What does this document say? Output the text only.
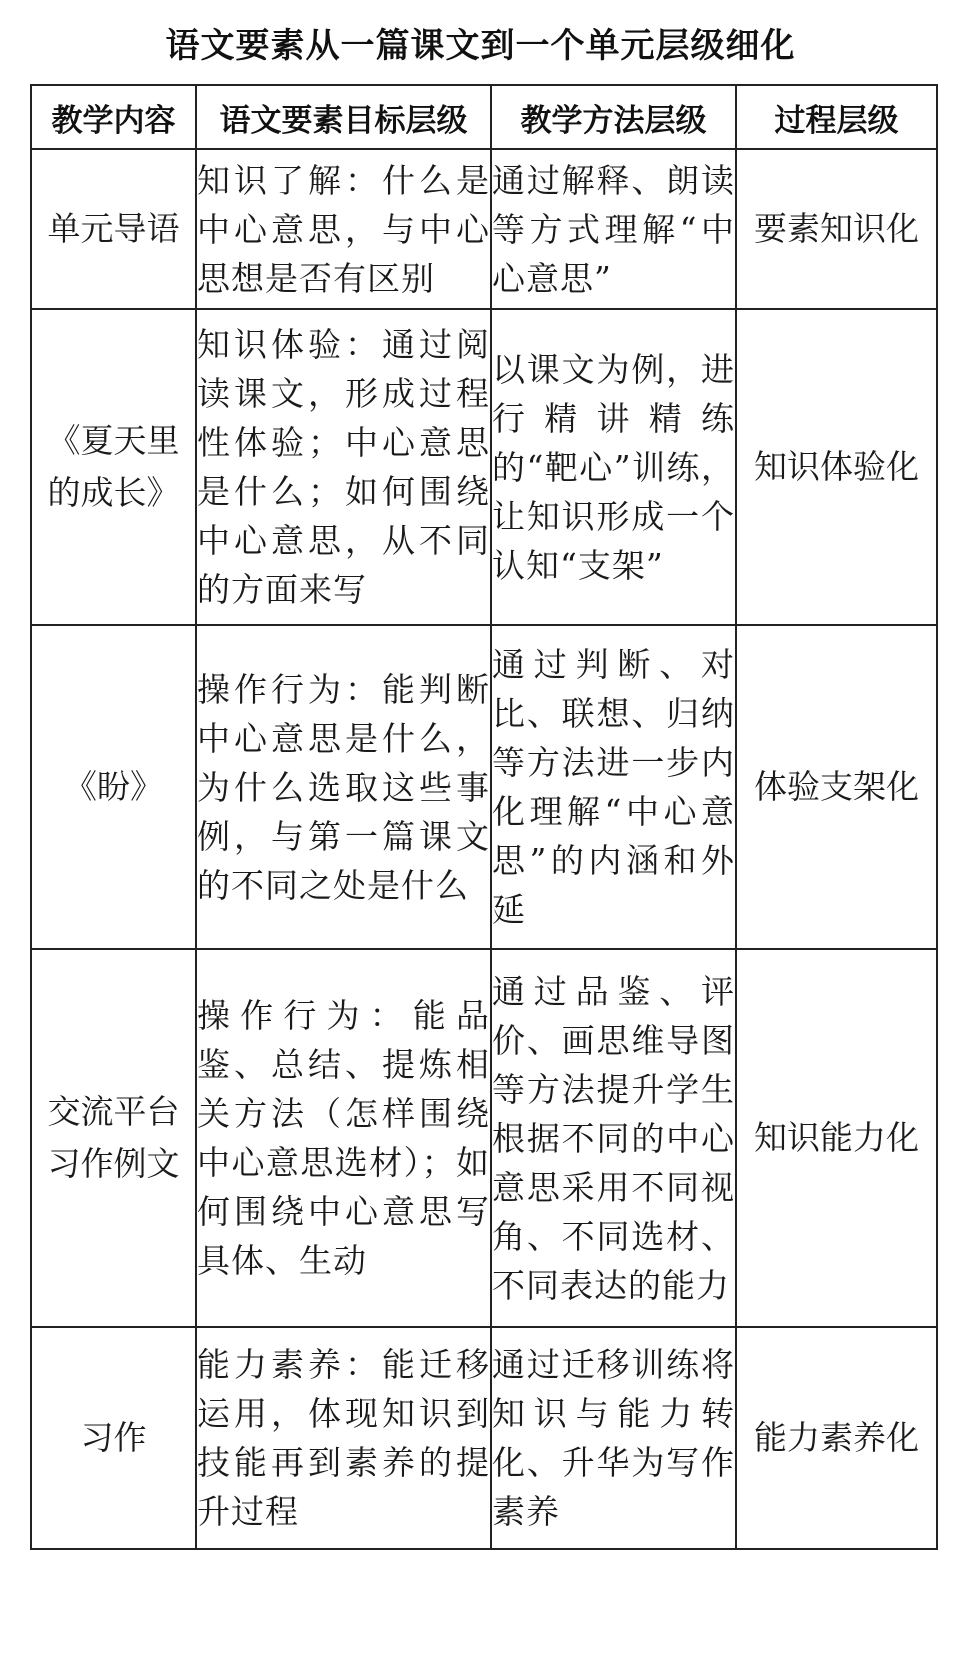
语文要素从一篇课文到一个单元层级细化
教学内容	语文要素目标层级	教学方法层级	过程层级
单元导语	知识了解：什么是中心意思，与中心思想是否有区别	通过解释、朗读等方式理解“中心意思”	要素知识化
《夏天里的成长》	知识体验：通过阅读课文，形成过程性体验；中心意思是什么；如何围绕中心意思，从不同的方面来写	以课文为例，进行精讲精练的“靶心”训练，让知识形成一个认知“支架”	知识体验化
《盼》	操作行为：能判断中心意思是什么，为什么选取这些事例，与第一篇课文的不同之处是什么	通过判断、对比、联想、归纳等方法进一步内化理解“中心意思”的内涵和外延	体验支架化
交流平台习作例文	操作行为：能品鉴、总结、提炼相关方法（怎样围绕中心意思选材）；如何围绕中心意思写具体、生动	通过品鉴、评价、画思维导图等方法提升学生根据不同的中心意思采用不同视角、不同选材、不同表达的能力	知识能力化
习作	能力素养：能迁移运用，体现知识到技能再到素养的提升过程	通过迁移训练将知识与能力转化、升华为写作素养	能力素养化
